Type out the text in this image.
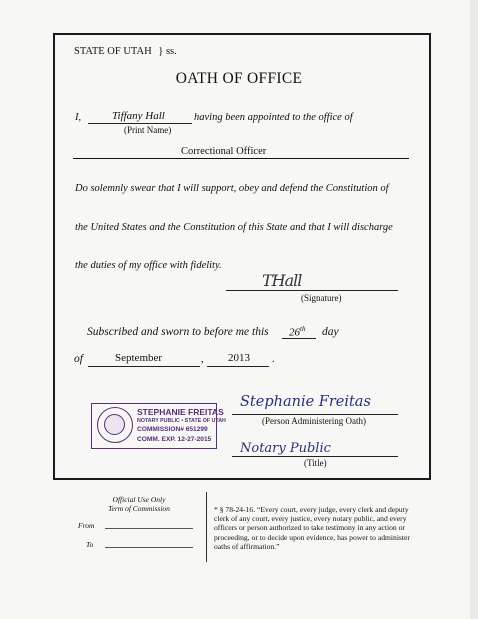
STATE OF UTAH } ss.
OATH OF OFFICE
I,	Tiffany Hall	having been appointed to the office of
(Print Name)
Correctional Officer
Do solemnly swear that I will support, obey and defend the Constitution of
the United States and the Constitution of this State and that I will discharge
the duties of my office with fidelity.
THall
(Signature)
Subscribed and sworn to before me this 26th day
of	September	, 2013 .
STEPHANIE FREITAS
NOTARY PUBLIC • STATE OF UTAH
COMMISSION# 651299
COMM. EXP. 12-27-2015
Stephanie Freitas
(Person Administering Oath)
Notary Public
(Title)
Official Use Only
Term of Commission
From
To
* § 78-24-16. “Every court, every judge, every clerk and deputy clerk of any court, every justice, every notary public, and every officers or person authorized to take testimony in any action or proceeding, or to decide upon evidence, has power to administer oaths of affirmation.”
